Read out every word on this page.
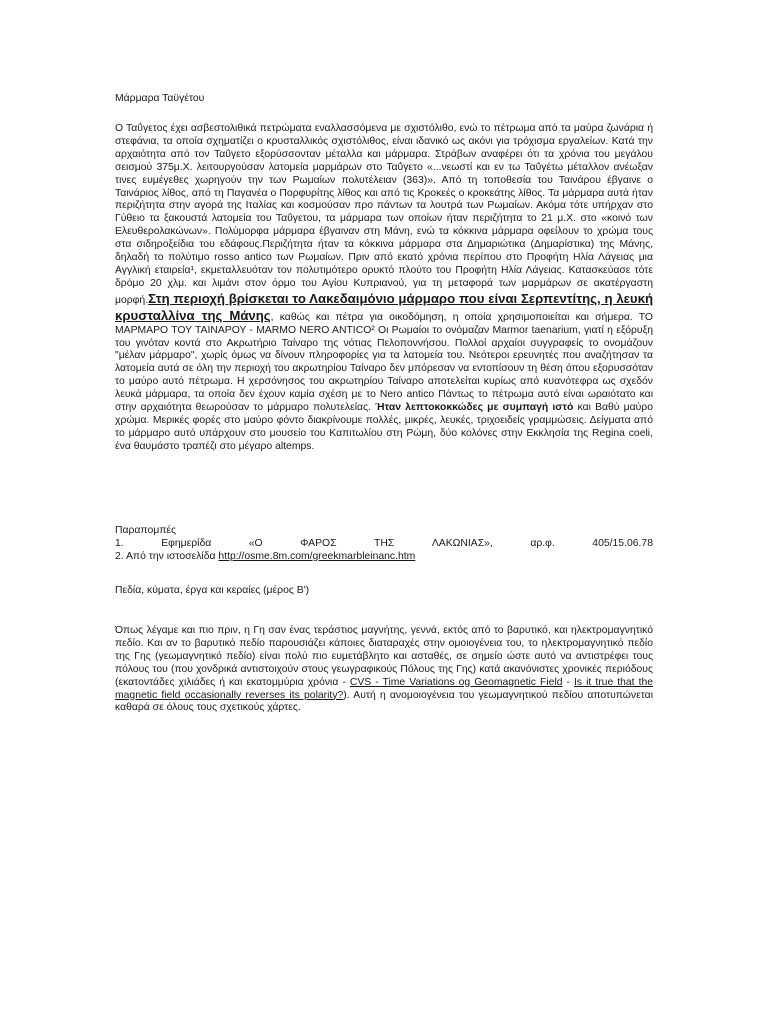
Μάρμαρα Ταϋγέτου
Ο Ταΰγετος έχει ασβεστολιθικά πετρώματα εναλλασσόμενα με σχιστόλιθο, ενώ το πέτρωμα από τα μαύρα ζωνάρια ή στεφάνια, τα οποία σχηματίζει ο κρυσταλλικός σχιστόλιθος, είναι ιδανικό ως ακόνι για τρόχισμα εργαλείων. Κατά την αρχαιότητα από τον Ταΰγετο εξορύσσονταν μέταλλα και μάρμαρα. Στράβων αναφέρει ότι τα χρόνια του μεγάλου σεισμού 375μ.Χ. λειτουργούσαν λατομεία μαρμάρων στο Ταΰγετο «...νεωστί και εν τω Ταΰγέτω μέταλλον ανέωξαν τινες ευμέγεθες χωρηγούν την των Ρωμαίων πολυτέλειαν (363)». Από τη τοποθεσία του Ταινάρου έβγαινε ο Ταινάριος λίθος, από τη Παγανέα ο Πορφυρίτης λίθος και από τις Κροκεές ο κροκεάτης λίθος. Τα μάρμαρα αυτά ήταν περιζήτητα στην αγορά της Ιταλίας και κοσμούσαν προ πάντων τα λουτρά των Ρωμαίων. Ακόμα τότε υπήρχαν στο Γύθειο τα ξακουστά λατομεία του Ταΰγετου, τα μάρμαρα των οποίων ήταν περιζήτητα το 21 μ.Χ. στο «κοινό των Ελευθερολακώνων». Πολύμορφα μάρμαρα έβγαιναν στη Μάνη, ενώ τα κόκκινα μάρμαρα οφείλουν το χρώμα τους στα σιδηροξείδια του εδάφους.Περιζήτητα ήταν τα κόκκινα μάρμαρα στα Δημαριώτικα (Δημαρίστικα) της Μάνης, δηλαδή το πολύτιμο rosso antico των Ρωμαίων. Πριν από εκατό χρόνια περίπου στο Προφήτη Ηλία Λάγειας μια Αγγλική εταιρεία¹, εκμεταλλευόταν τον πολυτιμότερο ορυκτό πλούτο του Προφήτη Ηλία Λάγειας. Κατασκεύασε τότε δρόμο 20 χλμ. και λιμάνι στον όρμο του Αγίου Κυπριανού, για τη μεταφορά των μαρμάρων σε ακατέργαστη μορφή.Στη περιοχή βρίσκεται το Λακεδαιμόνιο μάρμαρο που είναι Σερπεντίτης, η λευκή κρυσταλλίνα της Μάνης, καθώς και πέτρα για οικοδόμηση, η οποία χρησιμοποιείται και σήμερα. ΤΟ ΜΑΡΜΑΡΟ ΤΟΥ ΤΑΙΝΑΡΟΥ - ΜΑRΜΟ ΝΕRΟ ΑΝΤΙCΟ² Οι Ρωμαίοι το ονόμαζαν Marmor taenarium, γιατί η εξόρυξη του γινόταν κοντά στο Ακρωτήριο Ταίναρο της νότιας Πελοποννήσου. Πολλοί αρχαίοι συγγραφείς το ονομάζουν "μέλαν μάρμαρο", χωρίς όμως να δίνουν πληροφορίες για τα λατομεία του. Νεότεροι ερευνητές που αναζήτησαν τα λατομεία αυτά σε όλη την περιοχή του ακρωτηρίου Ταίναρο δεν μπόρεσαν να εντοπίσουν τη θέση όπου εξορυσσόταν το μαύρο αυτό πέτρωμα. Η χερσόνησος του ακρωτηρίου Ταίναρο αποτελείται κυρίως από κυανότεφρα ως σχεδόν λευκά μάρμαρα, τα οποία δεν έχουν καμία σχέση με το Nero antico Πάντως το πέτρωμα αυτό είναι ωραιότατο και στην αρχαιότητα θεωρούσαν το μάρμαρο πολυτελείας. Ήταν λεπτοκοκκώδες με συμπαγή ιστό και Βαθύ μαύρο χρώμα. Μερικές φορές στο μαύρο φόντο διακρίνουμε πολλές, μικρές, λευκές, τριχοειδείς γραμμώσεις. Δείγματα από το μάρμαρο αυτό υπάρχουν στο μουσείο του Καπιτωλίου στη Ρώμη, δύο κολόνες στην Εκκλησία της Regina coeli, ένα θαυμάστο τραπέζι στο μέγαρο altemps.
Παραπομπές
1.	Εφημερίδα	«Ο	ΦΑΡΟΣ	ΤΗΣ	ΛΑΚΩΝΙΑΣ»,	αρ.φ.	405/15.06.78
2. Από την ιστοσελίδα http://osme.8m.com/greekmarbleinanc.htm
Πεδία, κύματα, έργα και κεραίες (μέρος Β')
Όπως λέγαμε και πιο πριν, η Γη σαν ένας τεράστιος μαγνήτης, γεννά, εκτός από το βαρυτικό, και ηλεκτρομαγνητικό πεδίο. Και αν το βαρυτικό πεδίο παρουσιάζει κάποιες διαταραχές στην ομοιογένεια του, το ηλεκτρομαγνητικό πεδίο της Γης (γεωμαγνητικό πεδίο) είναι πολύ πιο ευμετάβλητο και ασταθές, σε σημείο ώστε αυτό να αντιστρέφει τους πόλους του (που χονδρικά αντιστοιχούν στους γεωγραφικούς Πόλους της Γης) κατά ακανόνιστες χρονικές περιόδους (εκατοντάδες χιλιάδες ή και εκατομμύρια χρόνια - CVS - Time Variations og Geomagnetic Field - Is it true that the magnetic field occasionally reverses its polarity?). Αυτή η ανομοιογένεια του γεωμαγνητικού πεδίου αποτυπώνεται καθαρά σε όλους τους σχετικούς χάρτες.
